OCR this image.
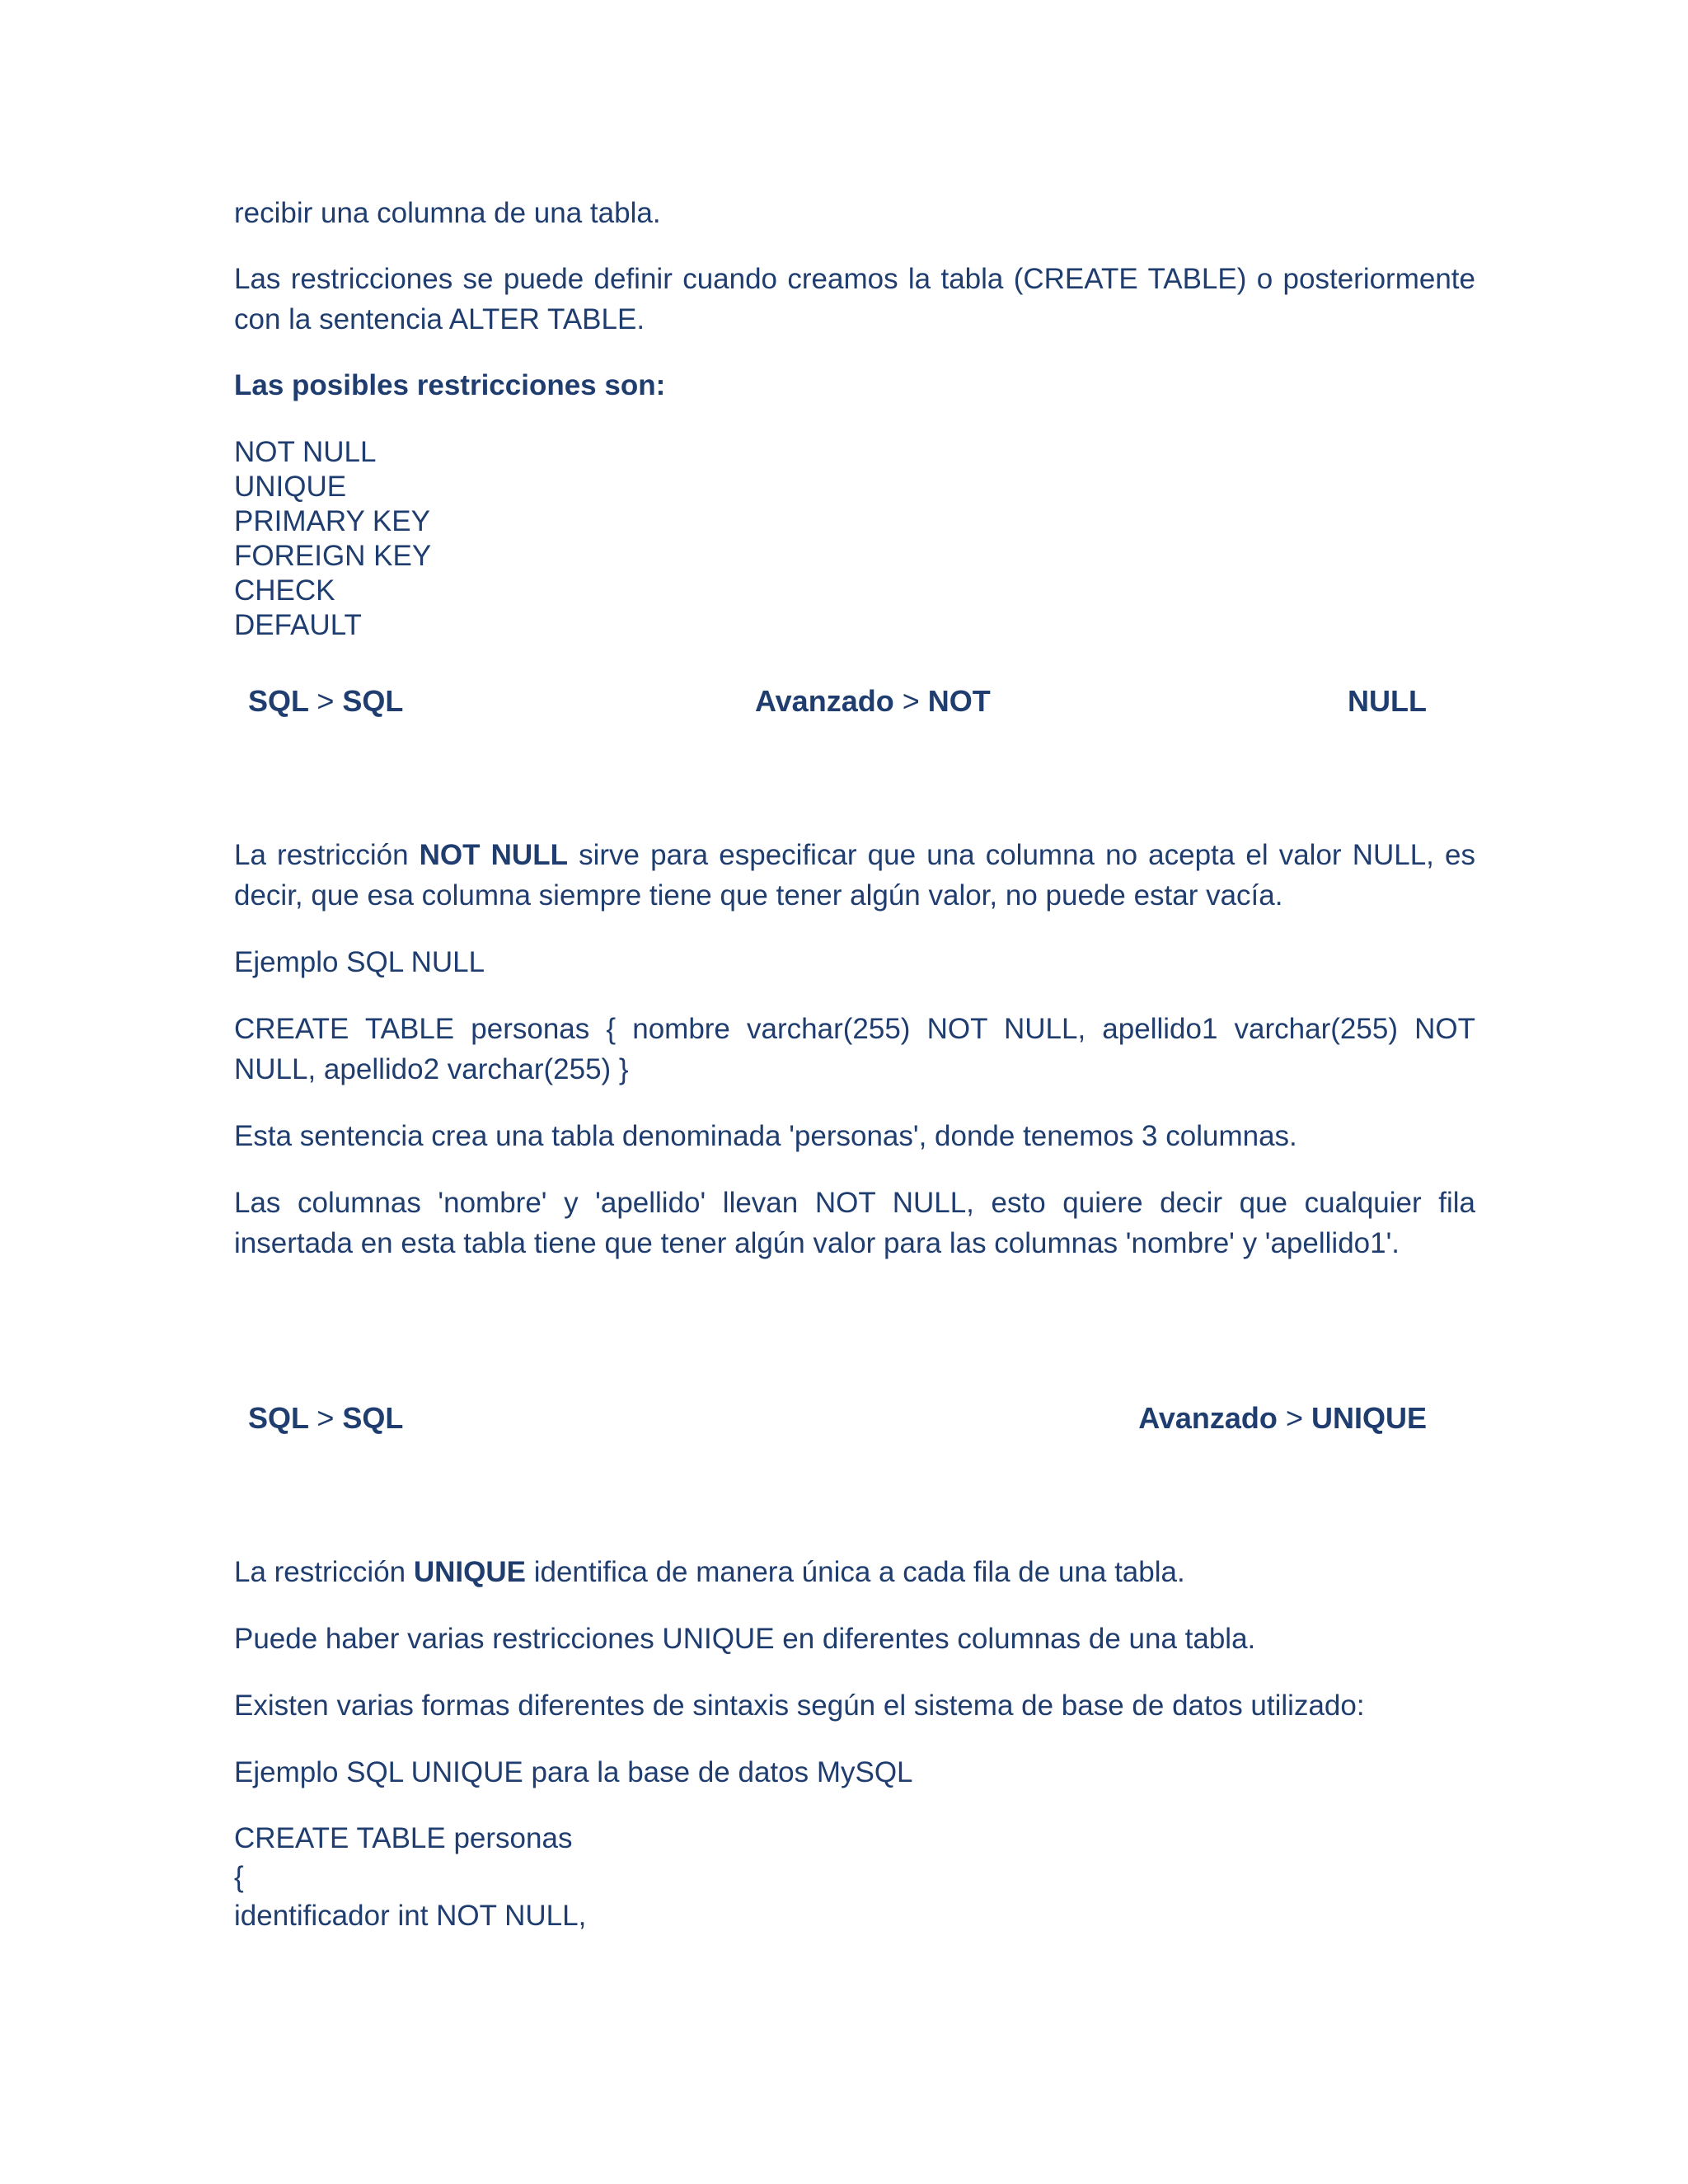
recibir una columna de una tabla.
Las restricciones se puede definir cuando creamos la tabla (CREATE TABLE) o posteriormente con la sentencia ALTER TABLE.
Las posibles restricciones son:
NOT NULL
UNIQUE
PRIMARY KEY
FOREIGN KEY
CHECK
DEFAULT
SQL > SQL	Avanzado > NOT	NULL
La restricción NOT NULL sirve para especificar que una columna no acepta el valor NULL, es decir, que esa columna siempre tiene que tener algún valor, no puede estar vacía.
Ejemplo SQL NULL
CREATE TABLE personas { nombre varchar(255) NOT NULL, apellido1 varchar(255) NOT NULL, apellido2 varchar(255) }
Esta sentencia crea una tabla denominada 'personas', donde tenemos 3 columnas.
Las columnas 'nombre' y 'apellido' llevan NOT NULL, esto quiere decir que cualquier fila insertada en esta tabla tiene que tener algún valor para las columnas 'nombre' y 'apellido1'.
SQL > SQL	Avanzado > UNIQUE
La restricción UNIQUE identifica de manera única a cada fila de una tabla.
Puede haber varias restricciones UNIQUE en diferentes columnas de una tabla.
Existen varias formas diferentes de sintaxis según el sistema de base de datos utilizado:
Ejemplo SQL UNIQUE para la base de datos MySQL
CREATE TABLE personas
{
identificador int NOT NULL,
